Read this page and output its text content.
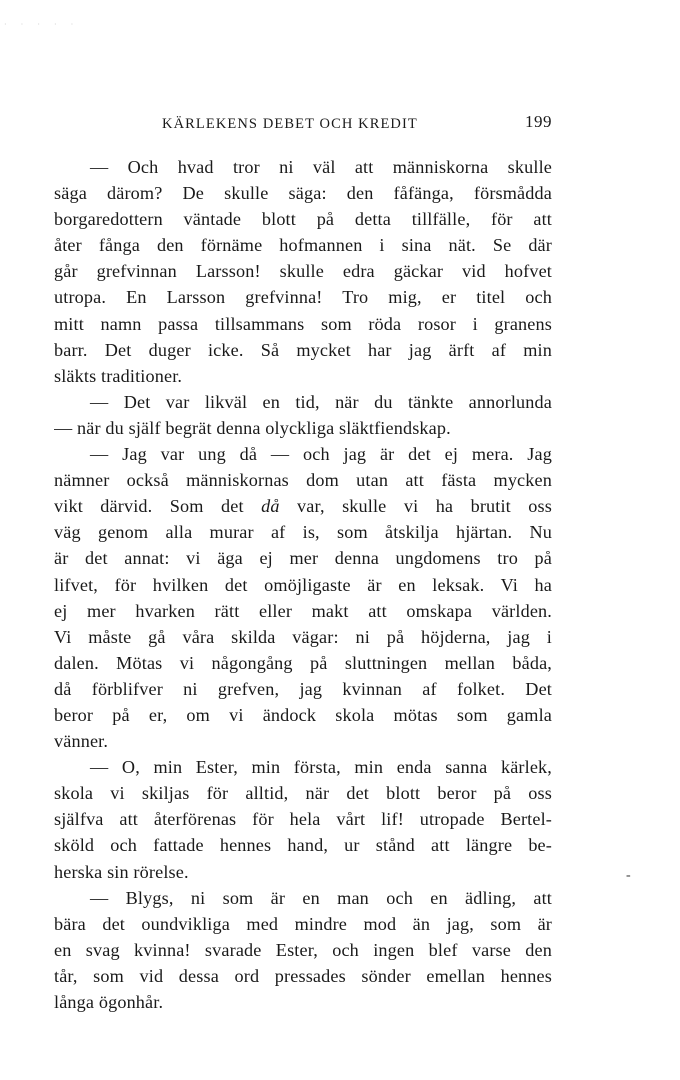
· · · · ·
KÄRLEKENS DEBET OCH KREDIT	199
— Och hvad tror ni väl att människorna skulle
säga därom? De skulle säga: den fåfänga, försmådda
borgaredottern väntade blott på detta tillfälle, för att
åter fånga den förnäme hofmannen i sina nät. Se där
går grefvinnan Larsson! skulle edra gäckar vid hofvet
utropa. En Larsson grefvinna! Tro mig, er titel och
mitt namn passa tillsammans som röda rosor i granens
barr. Det duger icke. Så mycket har jag ärft af min
släkts traditioner.
— Det var likväl en tid, när du tänkte annorlunda
— när du själf begrät denna olyckliga släktfiendskap.
— Jag var ung då — och jag är det ej mera. Jag
nämner också människornas dom utan att fästa mycken
vikt därvid. Som det då var, skulle vi ha brutit oss
väg genom alla murar af is, som åtskilja hjärtan. Nu
är det annat: vi äga ej mer denna ungdomens tro på
lifvet, för hvilken det omöjligaste är en leksak. Vi ha
ej mer hvarken rätt eller makt att omskapa världen.
Vi måste gå våra skilda vägar: ni på höjderna, jag i
dalen. Mötas vi någongång på sluttningen mellan båda,
då förblifver ni grefven, jag kvinnan af folket. Det
beror på er, om vi ändock skola mötas som gamla
vänner.
— O, min Ester, min första, min enda sanna kärlek,
skola vi skiljas för alltid, när det blott beror på oss
själfva att återförenas för hela vårt lif! utropade Bertel-
sköld och fattade hennes hand, ur stånd att längre be-
herska sin rörelse.
— Blygs, ni som är en man och en ädling, att
bära det oundvikliga med mindre mod än jag, som är
en svag kvinna! svarade Ester, och ingen blef varse den
tår, som vid dessa ord pressades sönder emellan hennes
långa ögonhår.
-
